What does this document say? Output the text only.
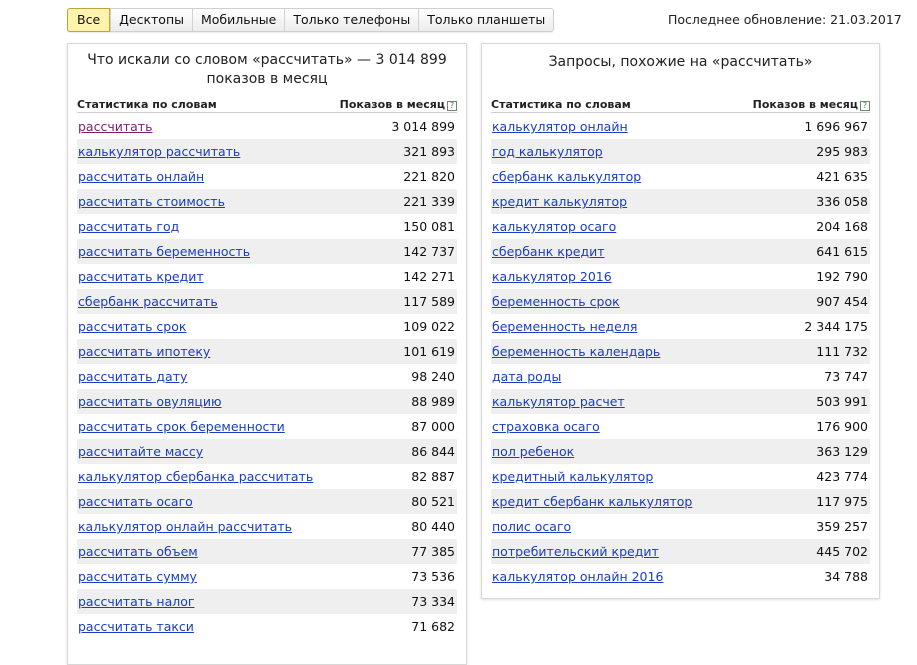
Все	Десктопы	Мобильные	Только телефоны	Только планшеты	Последнее обновление: 21.03.2017
Что искали со словом «рассчитать» — 3 014 899 показов в месяц
Статистика по словам	Показов в месяц ?
рассчитать	3 014 899
калькулятор рассчитать	321 893
рассчитать онлайн	221 820
рассчитать стоимость	221 339
рассчитать год	150 081
рассчитать беременность	142 737
рассчитать кредит	142 271
сбербанк рассчитать	117 589
рассчитать срок	109 022
рассчитать ипотеку	101 619
рассчитать дату	98 240
рассчитать овуляцию	88 989
рассчитать срок беременности	87 000
рассчитайте массу	86 844
калькулятор сбербанка рассчитать	82 887
рассчитать осаго	80 521
калькулятор онлайн рассчитать	80 440
рассчитать объем	77 385
рассчитать сумму	73 536
рассчитать налог	73 334
рассчитать такси	71 682
Запросы, похожие на «рассчитать»
Статистика по словам	Показов в месяц ?
калькулятор онлайн	1 696 967
год калькулятор	295 983
сбербанк калькулятор	421 635
кредит калькулятор	336 058
калькулятор осаго	204 168
сбербанк кредит	641 615
калькулятор 2016	192 790
беременность срок	907 454
беременность неделя	2 344 175
беременность календарь	111 732
дата роды	73 747
калькулятор расчет	503 991
страховка осаго	176 900
пол ребенок	363 129
кредитный калькулятор	423 774
кредит сбербанк калькулятор	117 975
полис осаго	359 257
потребительский кредит	445 702
калькулятор онлайн 2016	34 788
